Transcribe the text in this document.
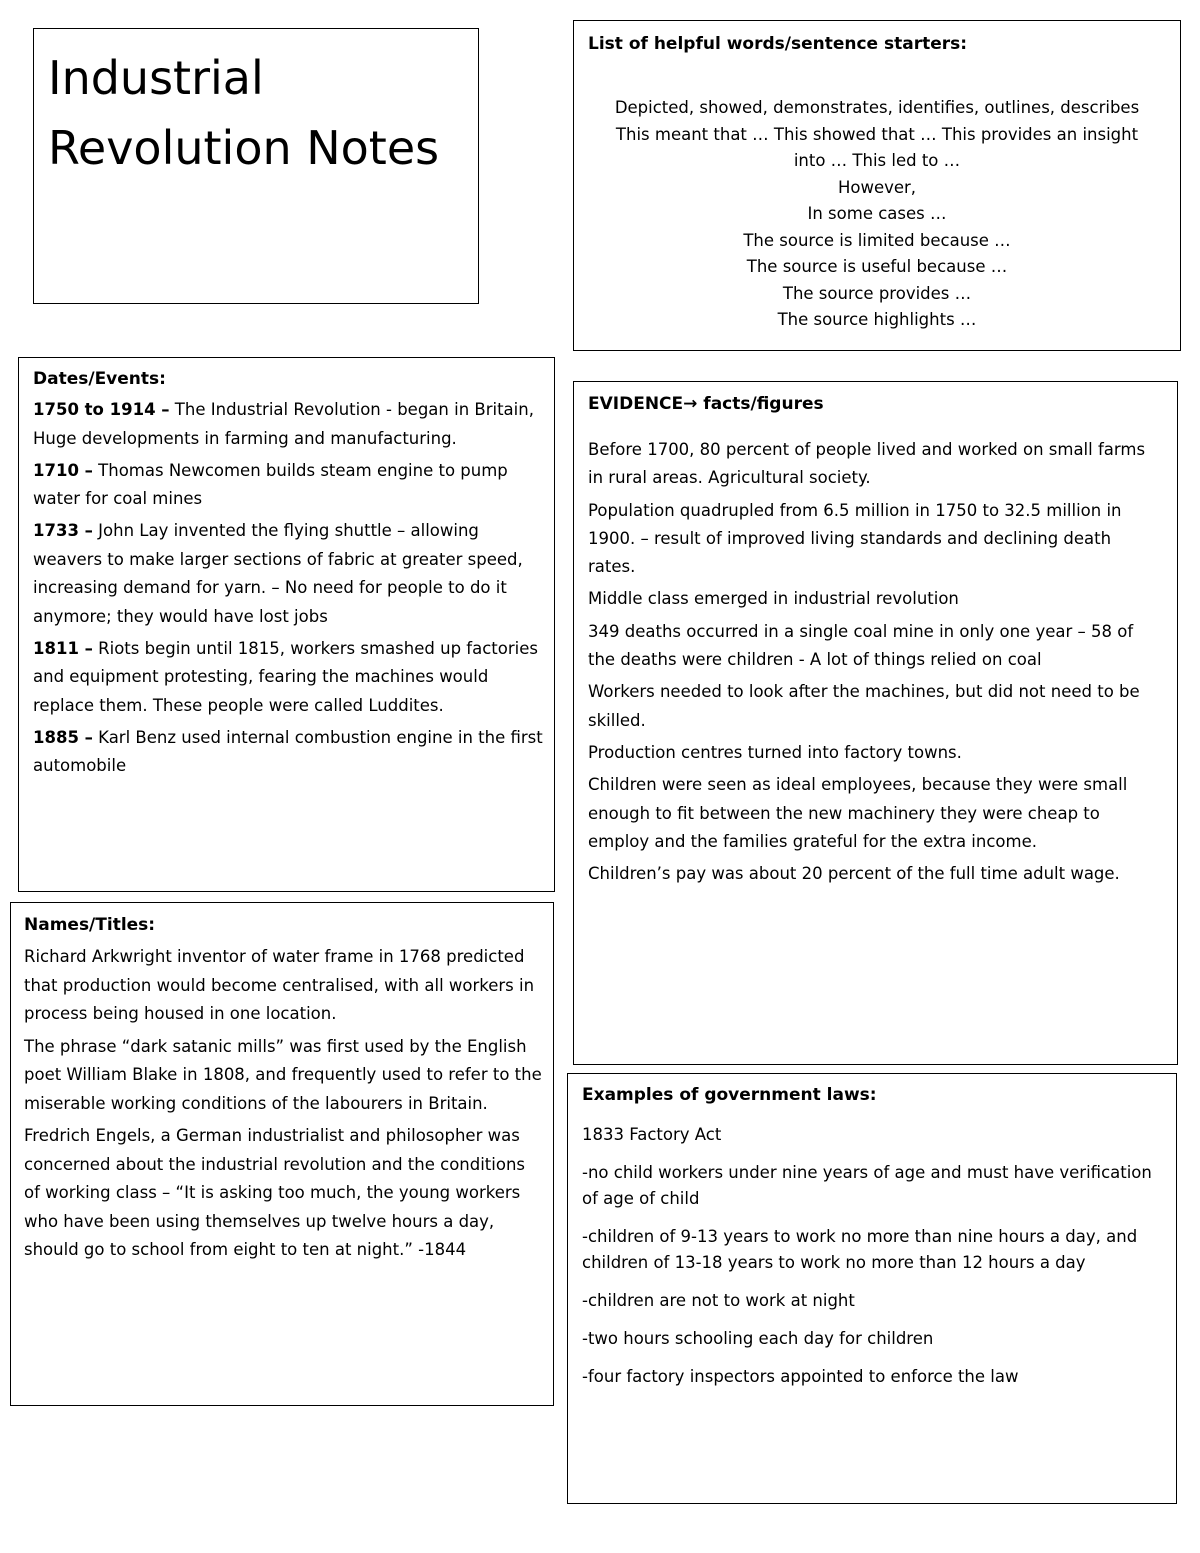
Industrial
Revolution Notes
List of helpful words/sentence starters:
Depicted, showed, demonstrates, identifies, outlines, describes
This meant that … This showed that … This provides an insight
into … This led to …
However,
In some cases …
The source is limited because …
The source is useful because …
The source provides …
The source highlights …
Dates/Events:

1750 to 1914 – The Industrial Revolution - began in Britain, Huge developments in farming and manufacturing.

1710 – Thomas Newcomen builds steam engine to pump water for coal mines

1733 – John Lay invented the flying shuttle – allowing weavers to make larger sections of fabric at greater speed, increasing demand for yarn. – No need for people to do it anymore; they would have lost jobs

1811 – Riots begin until 1815, workers smashed up factories and equipment protesting, fearing the machines would replace them. These people were called Luddites.

1885 – Karl Benz used internal combustion engine in the first automobile

EVIDENCE→ facts/figures

Before 1700, 80 percent of people lived and worked on small farms in rural areas. Agricultural society.

Population quadrupled from 6.5 million in 1750 to 32.5 million in 1900. – result of improved living standards and declining death rates.

Middle class emerged in industrial revolution

349 deaths occurred in a single coal mine in only one year – 58 of the deaths were children - A lot of things relied on coal

Workers needed to look after the machines, but did not need to be skilled.

Production centres turned into factory towns.

Children were seen as ideal employees, because they were small enough to fit between the new machinery they were cheap to employ and the families grateful for the extra income.

Children’s pay was about 20 percent of the full time adult wage.

Names/Titles:

Richard Arkwright inventor of water frame in 1768 predicted that production would become centralised, with all workers in process being housed in one location.

The phrase “dark satanic mills” was first used by the English poet William Blake in 1808, and frequently used to refer to the miserable working conditions of the labourers in Britain.

Fredrich Engels, a German industrialist and philosopher was concerned about the industrial revolution and the conditions of working class – “It is asking too much, the young workers who have been using themselves up twelve hours a day, should go to school from eight to ten at night.” -1844

Examples of government laws:

1833 Factory Act

-no child workers under nine years of age and must have verification of age of child

-children of 9-13 years to work no more than nine hours a day, and children of 13-18 years to work no more than 12 hours a day

-children are not to work at night

-two hours schooling each day for children

-four factory inspectors appointed to enforce the law
